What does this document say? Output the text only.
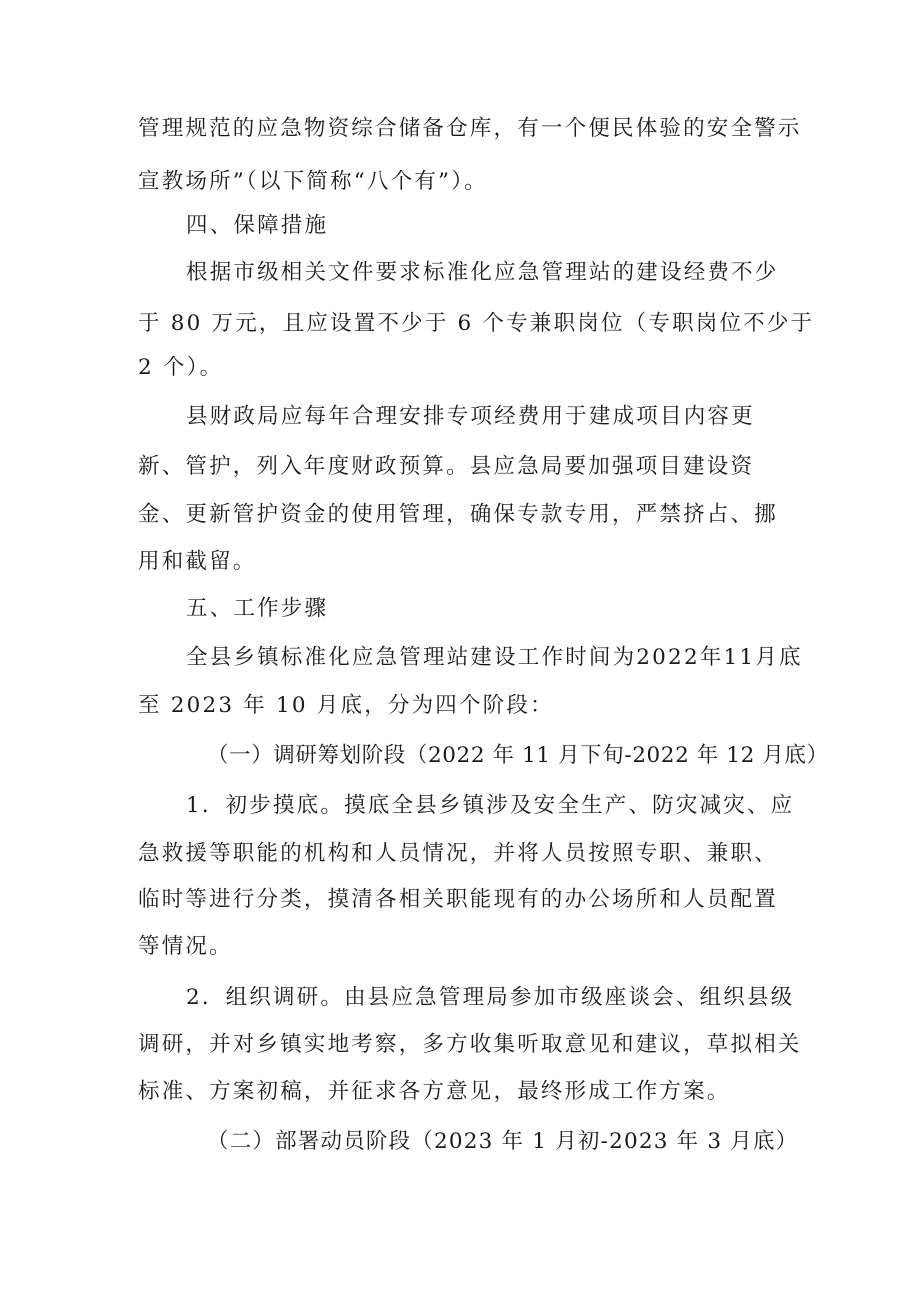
管理规范的应急物资综合储备仓库，有一个便民体验的安全警示
宣教场所”（以下简称“八个有”）。
四、保障措施
根据市级相关文件要求标准化应急管理站的建设经费不少
于 80 万元，且应设置不少于 6 个专兼职岗位（专职岗位不少于
2 个）。
县财政局应每年合理安排专项经费用于建成项目内容更
新、管护，列入年度财政预算。县应急局要加强项目建设资
金、更新管护资金的使用管理，确保专款专用，严禁挤占、挪
用和截留。
五、工作步骤
全县乡镇标准化应急管理站建设工作时间为2022年11月底
至 2023 年 10 月底，分为四个阶段：
（一）调研筹划阶段（2022 年 11 月下旬-2022 年 12 月底）
1．初步摸底。摸底全县乡镇涉及安全生产、防灾减灾、应
急救援等职能的机构和人员情况，并将人员按照专职、兼职、
临时等进行分类，摸清各相关职能现有的办公场所和人员配置
等情况。
2．组织调研。由县应急管理局参加市级座谈会、组织县级
调研，并对乡镇实地考察，多方收集听取意见和建议，草拟相关
标准、方案初稿，并征求各方意见，最终形成工作方案。
（二）部署动员阶段（2023 年 1 月初-2023 年 3 月底）
